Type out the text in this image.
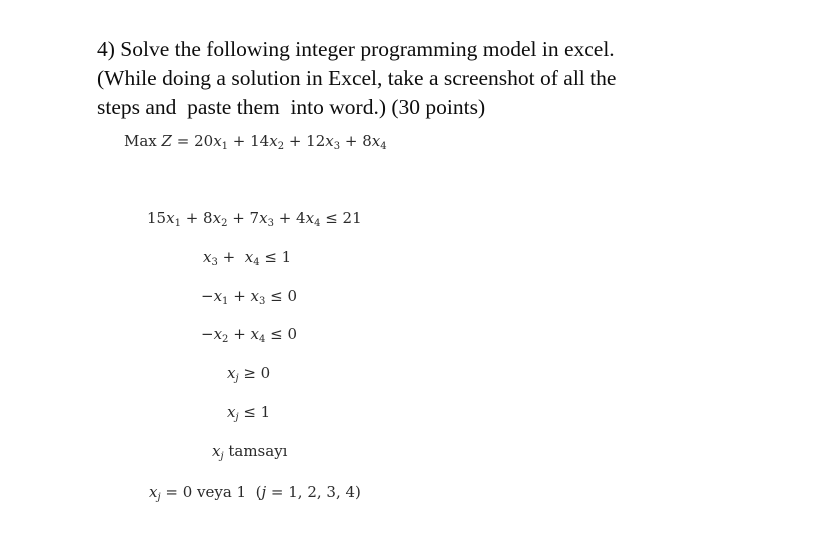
4) Solve the following integer programming model in excel.
(While doing a solution in Excel, take a screenshot of all the
steps and  paste them  into word.) (30 points)
Max $Z = 20x_1 + 14x_2 + 12x_3 + 8x_4$
$15x_1 + 8x_2 + 7x_3 + 4x_4 \le 21$
$x_3 + x_4 \le 1$
$-x_1 + x_3 \le 0$
$-x_2 + x_4 \le 0$
$x_j \ge 0$
$x_j \le 1$
$x_j$ tamsayı
$x_j = 0$ veya 1  (j = 1, 2, 3, 4)
